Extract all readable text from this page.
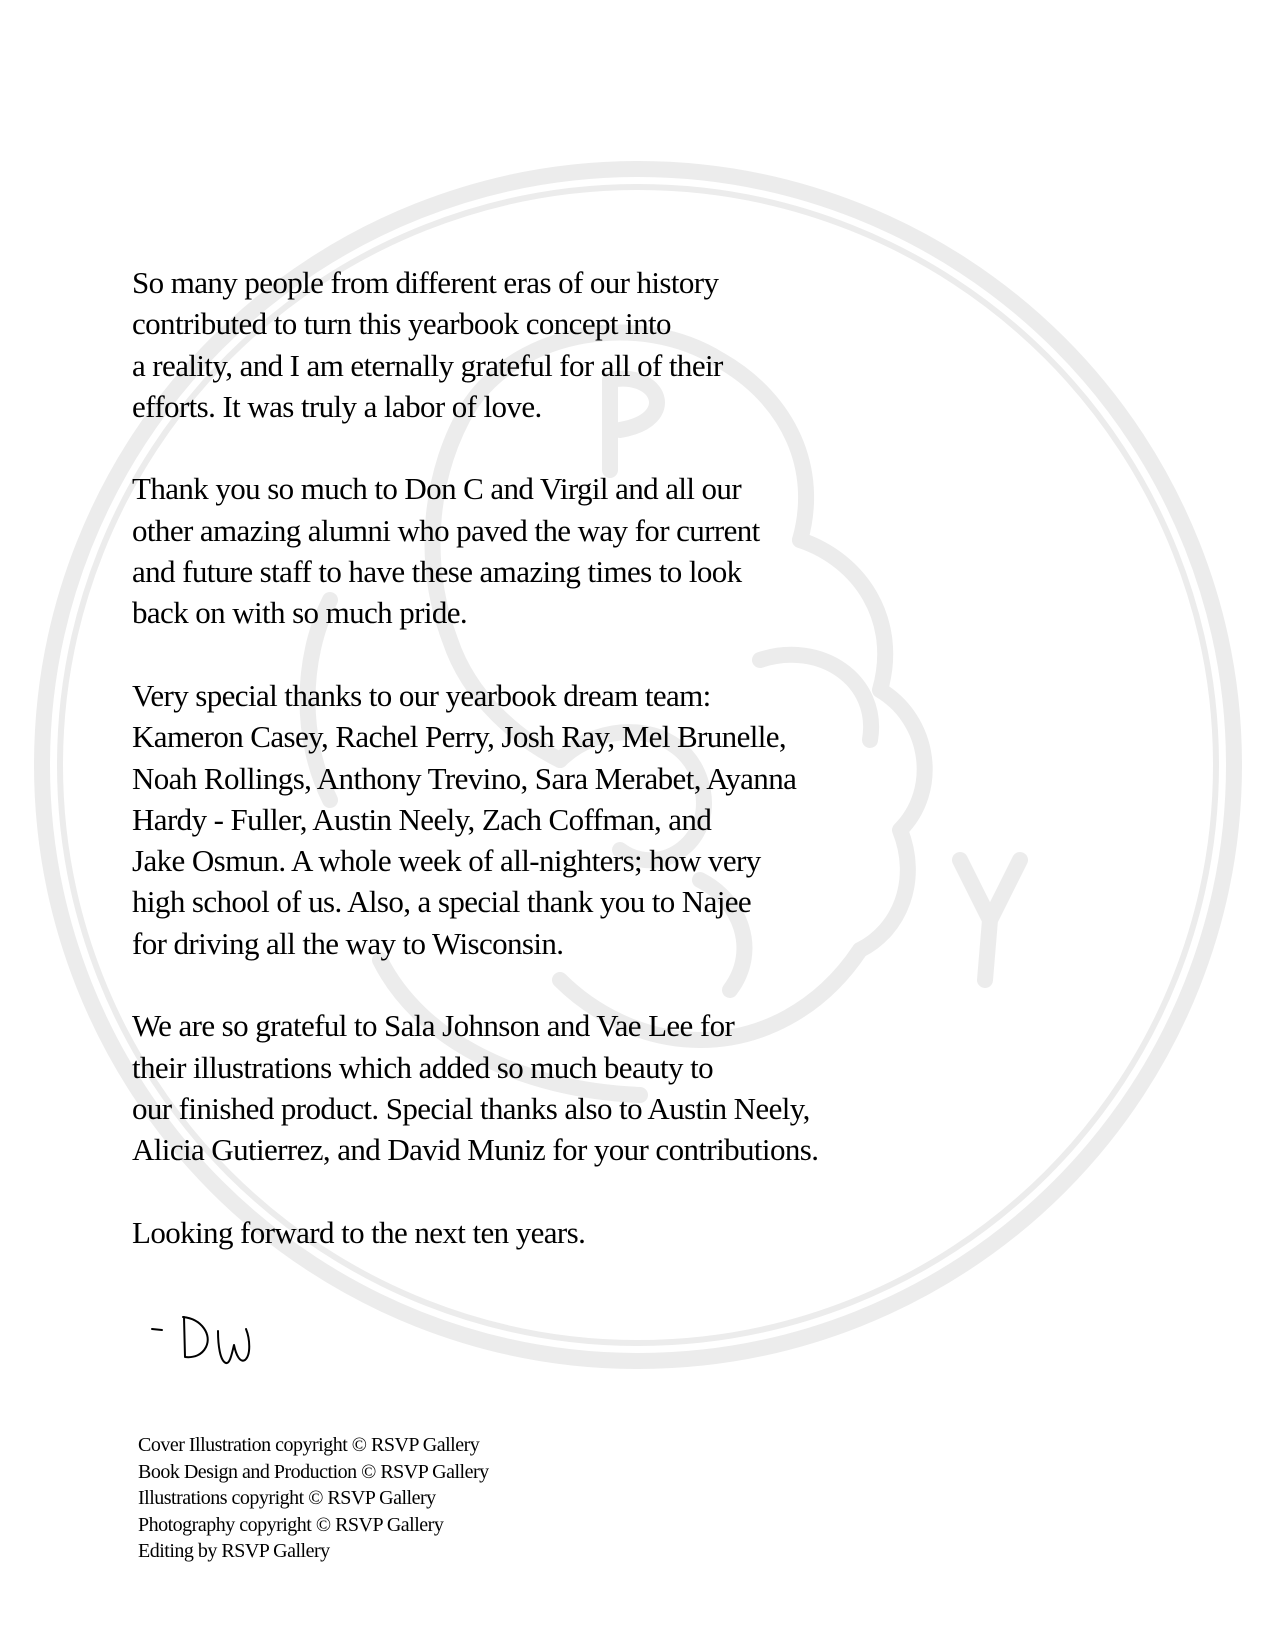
So many people from different eras of our history
contributed to turn this yearbook concept into
a reality, and I am eternally grateful for all of their
efforts. It was truly a labor of love.

Thank you so much to Don C and Virgil and all our
other amazing alumni who paved the way for current
and future staff to have these amazing times to look
back on with so much pride.

Very special thanks to our yearbook dream team:
Kameron Casey, Rachel Perry, Josh Ray, Mel Brunelle,
Noah Rollings, Anthony Trevino, Sara Merabet, Ayanna
Hardy - Fuller, Austin Neely, Zach Coffman, and
Jake Osmun. A whole week of all-nighters; how very
high school of us. Also, a special thank you to Najee
for driving all the way to Wisconsin.

We are so grateful to Sala Johnson and Vae Lee for
their illustrations which added so much beauty to
our finished product. Special thanks also to Austin Neely,
Alicia Gutierrez, and David Muniz for your contributions.

Looking forward to the next ten years.

Cover Illustration copyright © RSVP Gallery
Book Design and Production © RSVP Gallery
Illustrations copyright © RSVP Gallery
Photography copyright © RSVP Gallery
Editing by RSVP Gallery
